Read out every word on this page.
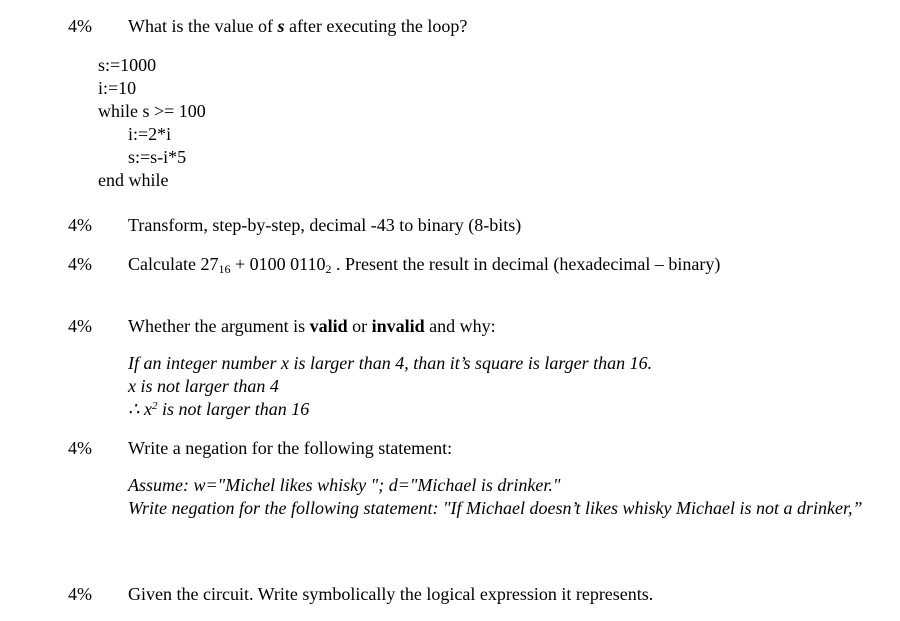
4% What is the value of s after executing the loop?
s:=1000
i:=10
while s >= 100
i:=2*i
s:=s-i*5
end while
4% Transform, step-by-step, decimal -43 to binary (8-bits)
4% Calculate $27_{16} + 0100$ $0110_2$ . Present the result in decimal (hexadecimal – binary)
4% Whether the argument is valid or invalid and why:
If an integer number x is larger than 4, than it’s square is larger than 16.
x is not larger than 4
∴ $x^2$ is not larger than 16
4% Write a negation for the following statement:
Assume: w="Michel likes whisky "; d="Michael is drinker."
Write negation for the following statement: "If Michael doesn’t likes whisky Michael is not a drinker,”
4% Given the circuit. Write symbolically the logical expression it represents.
